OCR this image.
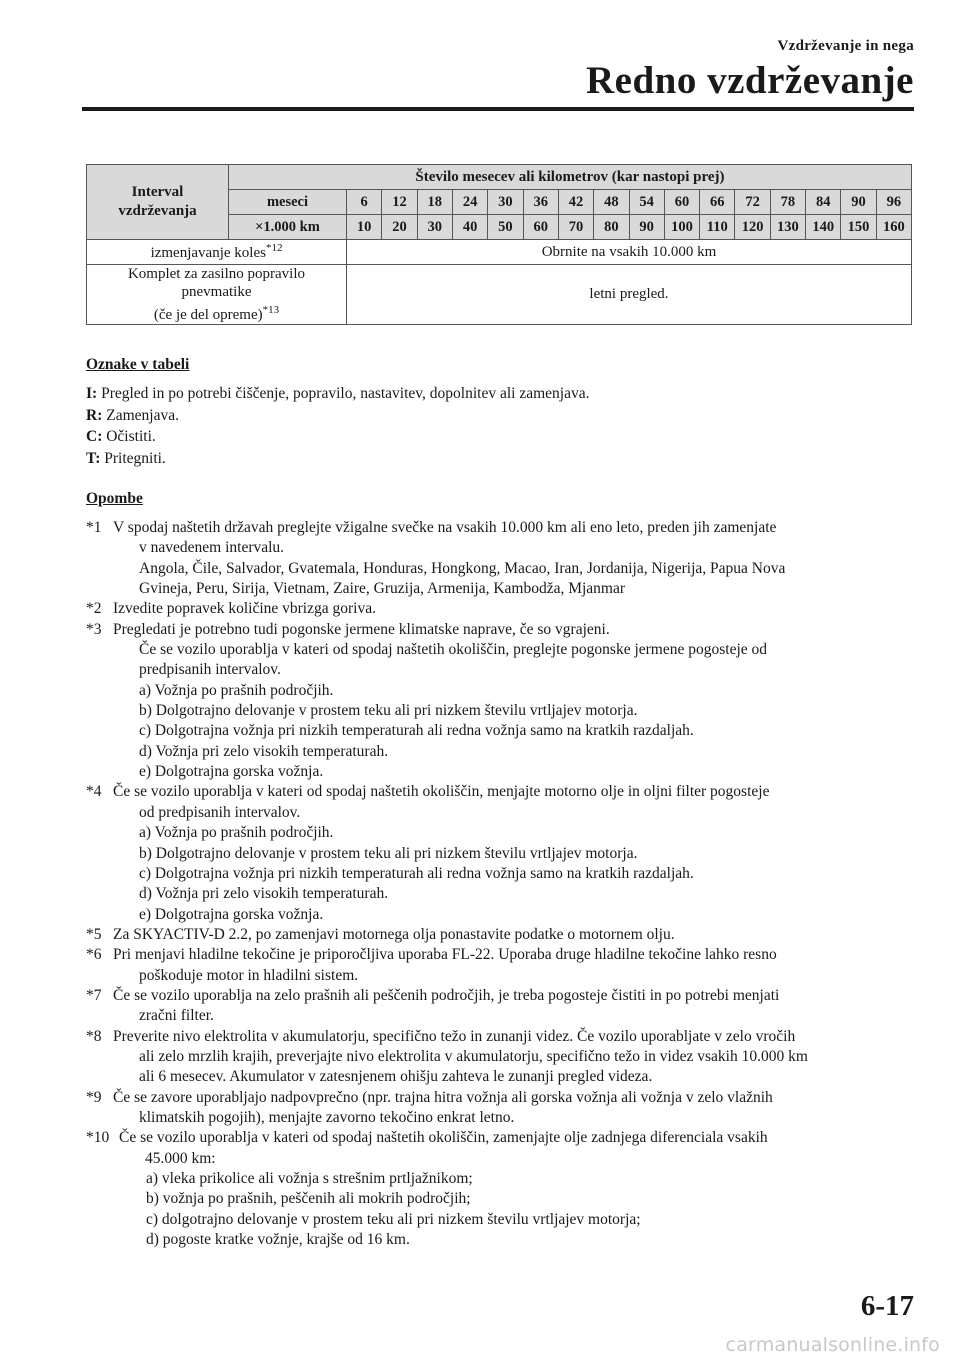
Vzdrževanje in nega
Redno vzdrževanje
Interval
vzdrževanja	Število mesecev ali kilometrov (kar nastopi prej)																
	meseci	6	12	18	24	30	36	42	48	54	60	66	72	78	84	90	96
	×1.000 km	10	20	30	40	50	60	70	80	90	100	110	120	130	140	150	160
izmenjavanje koles$^{*12}$		Obrnite na vsakih 10.000 km															

Komplet za zasilno popravilo
pnevmatike
(če je del opreme)$^{*13}$		letni pregled.															
Oznake v tabeli
I: Pregled in po potrebi čiščenje, popravilo, nastavitev, dopolnitev ali zamenjava.
R: Zamenjava.
C: Očistiti.
T: Pritegniti.
Opombe
*1 V spodaj naštetih državah preglejte vžigalne svečke na vsakih 10.000 km ali eno leto, preden jih zamenjate
v navedenem intervalu.
Angola, Čile, Salvador, Gvatemala, Honduras, Hongkong, Macao, Iran, Jordanija, Nigerija, Papua Nova
Gvineja, Peru, Sirija, Vietnam, Zaire, Gruzija, Armenija, Kambodža, Mjanmar
*2 Izvedite popravek količine vbrizga goriva.
*3 Pregledati je potrebno tudi pogonske jermene klimatske naprave, če so vgrajeni.
Če se vozilo uporablja v kateri od spodaj naštetih okoliščin, preglejte pogonske jermene pogosteje od
predpisanih intervalov.
a) Vožnja po prašnih področjih.
b) Dolgotrajno delovanje v prostem teku ali pri nizkem številu vrtljajev motorja.
c) Dolgotrajna vožnja pri nizkih temperaturah ali redna vožnja samo na kratkih razdaljah.
d) Vožnja pri zelo visokih temperaturah.
e) Dolgotrajna gorska vožnja.
*4 Če se vozilo uporablja v kateri od spodaj naštetih okoliščin, menjajte motorno olje in oljni filter pogosteje
od predpisanih intervalov.
a) Vožnja po prašnih področjih.
b) Dolgotrajno delovanje v prostem teku ali pri nizkem številu vrtljajev motorja.
c) Dolgotrajna vožnja pri nizkih temperaturah ali redna vožnja samo na kratkih razdaljah.
d) Vožnja pri zelo visokih temperaturah.
e) Dolgotrajna gorska vožnja.
*5 Za SKYACTIV-D 2.2, po zamenjavi motornega olja ponastavite podatke o motornem olju.
*6 Pri menjavi hladilne tekočine je priporočljiva uporaba FL-22. Uporaba druge hladilne tekočine lahko resno
poškoduje motor in hladilni sistem.
*7 Če se vozilo uporablja na zelo prašnih ali peščenih področjih, je treba pogosteje čistiti in po potrebi menjati
zračni filter.
*8 Preverite nivo elektrolita v akumulatorju, specifično težo in zunanji videz. Če vozilo uporabljate v zelo vročih
ali zelo mrzlih krajih, preverjajte nivo elektrolita v akumulatorju, specifično težo in videz vsakih 10.000 km
ali 6 mesecev. Akumulator v zatesnjenem ohišju zahteva le zunanji pregled videza.
*9 Če se zavore uporabljajo nadpovprečno (npr. trajna hitra vožnja ali gorska vožnja ali vožnja v zelo vlažnih
klimatskih pogojih), menjajte zavorno tekočino enkrat letno.
*10 Če se vozilo uporablja v kateri od spodaj naštetih okoliščin, zamenjajte olje zadnjega diferenciala vsakih
45.000 km:
a) vleka prikolice ali vožnja s strešnim prtljažnikom;
b) vožnja po prašnih, peščenih ali mokrih področjih;
c) dolgotrajno delovanje v prostem teku ali pri nizkem številu vrtljajev motorja;
d) pogoste kratke vožnje, krajše od 16 km.
6-17
carmanualsonline.info
